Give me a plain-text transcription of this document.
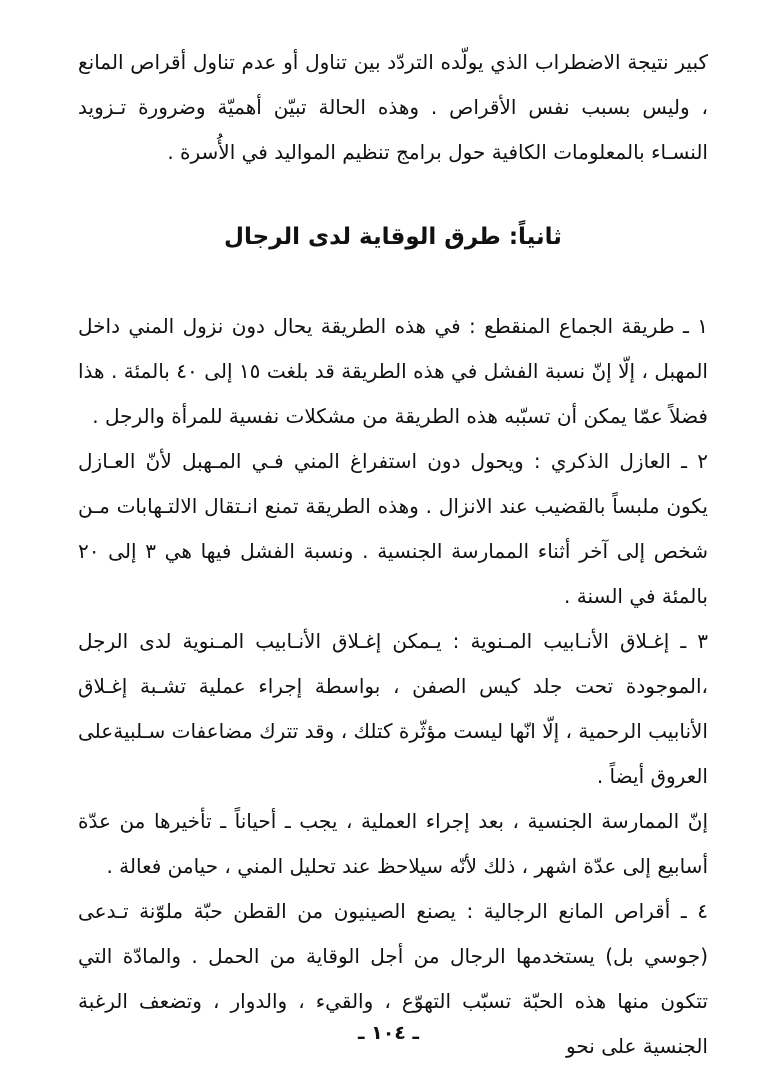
كبير نتيجة الاضطراب الذي يولّده التردّد بين تناول أو عدم تناول أقراص المانع ، وليس بسبب نفس الأقراص . وهذه الحالة تبيّن أهميّة وضرورة تـزويد النسـاء بالمعلومات الكافية حول برامج تنظيم المواليد في الأُسرة .

ثانياً: طرق الوقاية لدى الرجال

١ ـ طريقة الجماع المنقطع : في هذه الطريقة يحال دون نزول المني داخل المهبل ، إلّا إنّ نسبة الفشل في هذه الطريقة قد بلغت ١٥ إلى ٤٠ بالمئة . هذا فضلاً عمّا يمكن أن تسبّبه هذه الطريقة من مشكلات نفسية للمرأة والرجل .

٢ ـ العازل الذكري : ويحول دون استفراغ المني فـي المـهبل لأنّ العـازل يكون ملبساً بالقضيب عند الانزال . وهذه الطريقة تمنع انـتقال الالتـهابات مـن شخص إلى آخر أثناء الممارسة الجنسية . ونسبة الفشل فيها هي ٣ إلى ٢٠ بالمئة في السنة .

٣ ـ إغـلاق الأنـابيب المـنوية : يـمكن إغـلاق الأنـابيب المـنوية لدى الرجل ،الموجودة تحت جلد كيس الصفن ، بواسطة إجراء عملية تشـبة إغـلاق الأنابيب الرحمية ، إلّا انّها ليست مؤثّرة كتلك ، وقد تترك مضاعفات سـلبيةعلى العروق أيضاً .

إنّ الممارسة الجنسية ، بعد إجراء العملية ، يجب ـ أحياناً ـ تأخيرها من عدّة أسابيع إلى عدّة اشهر ، ذلك لأنّه سيلاحظ عند تحليل المني ، حيامن فعالة .

٤ ـ أقراص المانع الرجالية : يصنع الصينيون من القطن حبّة ملوّنة تـدعى (جوسي بل) يستخدمها الرجال من أجل الوقاية من الحمل . والمادّة التي تتكون منها هذه الحبّة تسبّب التهوّع ، والقيء ، والدوار ، وتضعف الرغبة الجنسية على نحو

ـ ١٠٤ ـ
